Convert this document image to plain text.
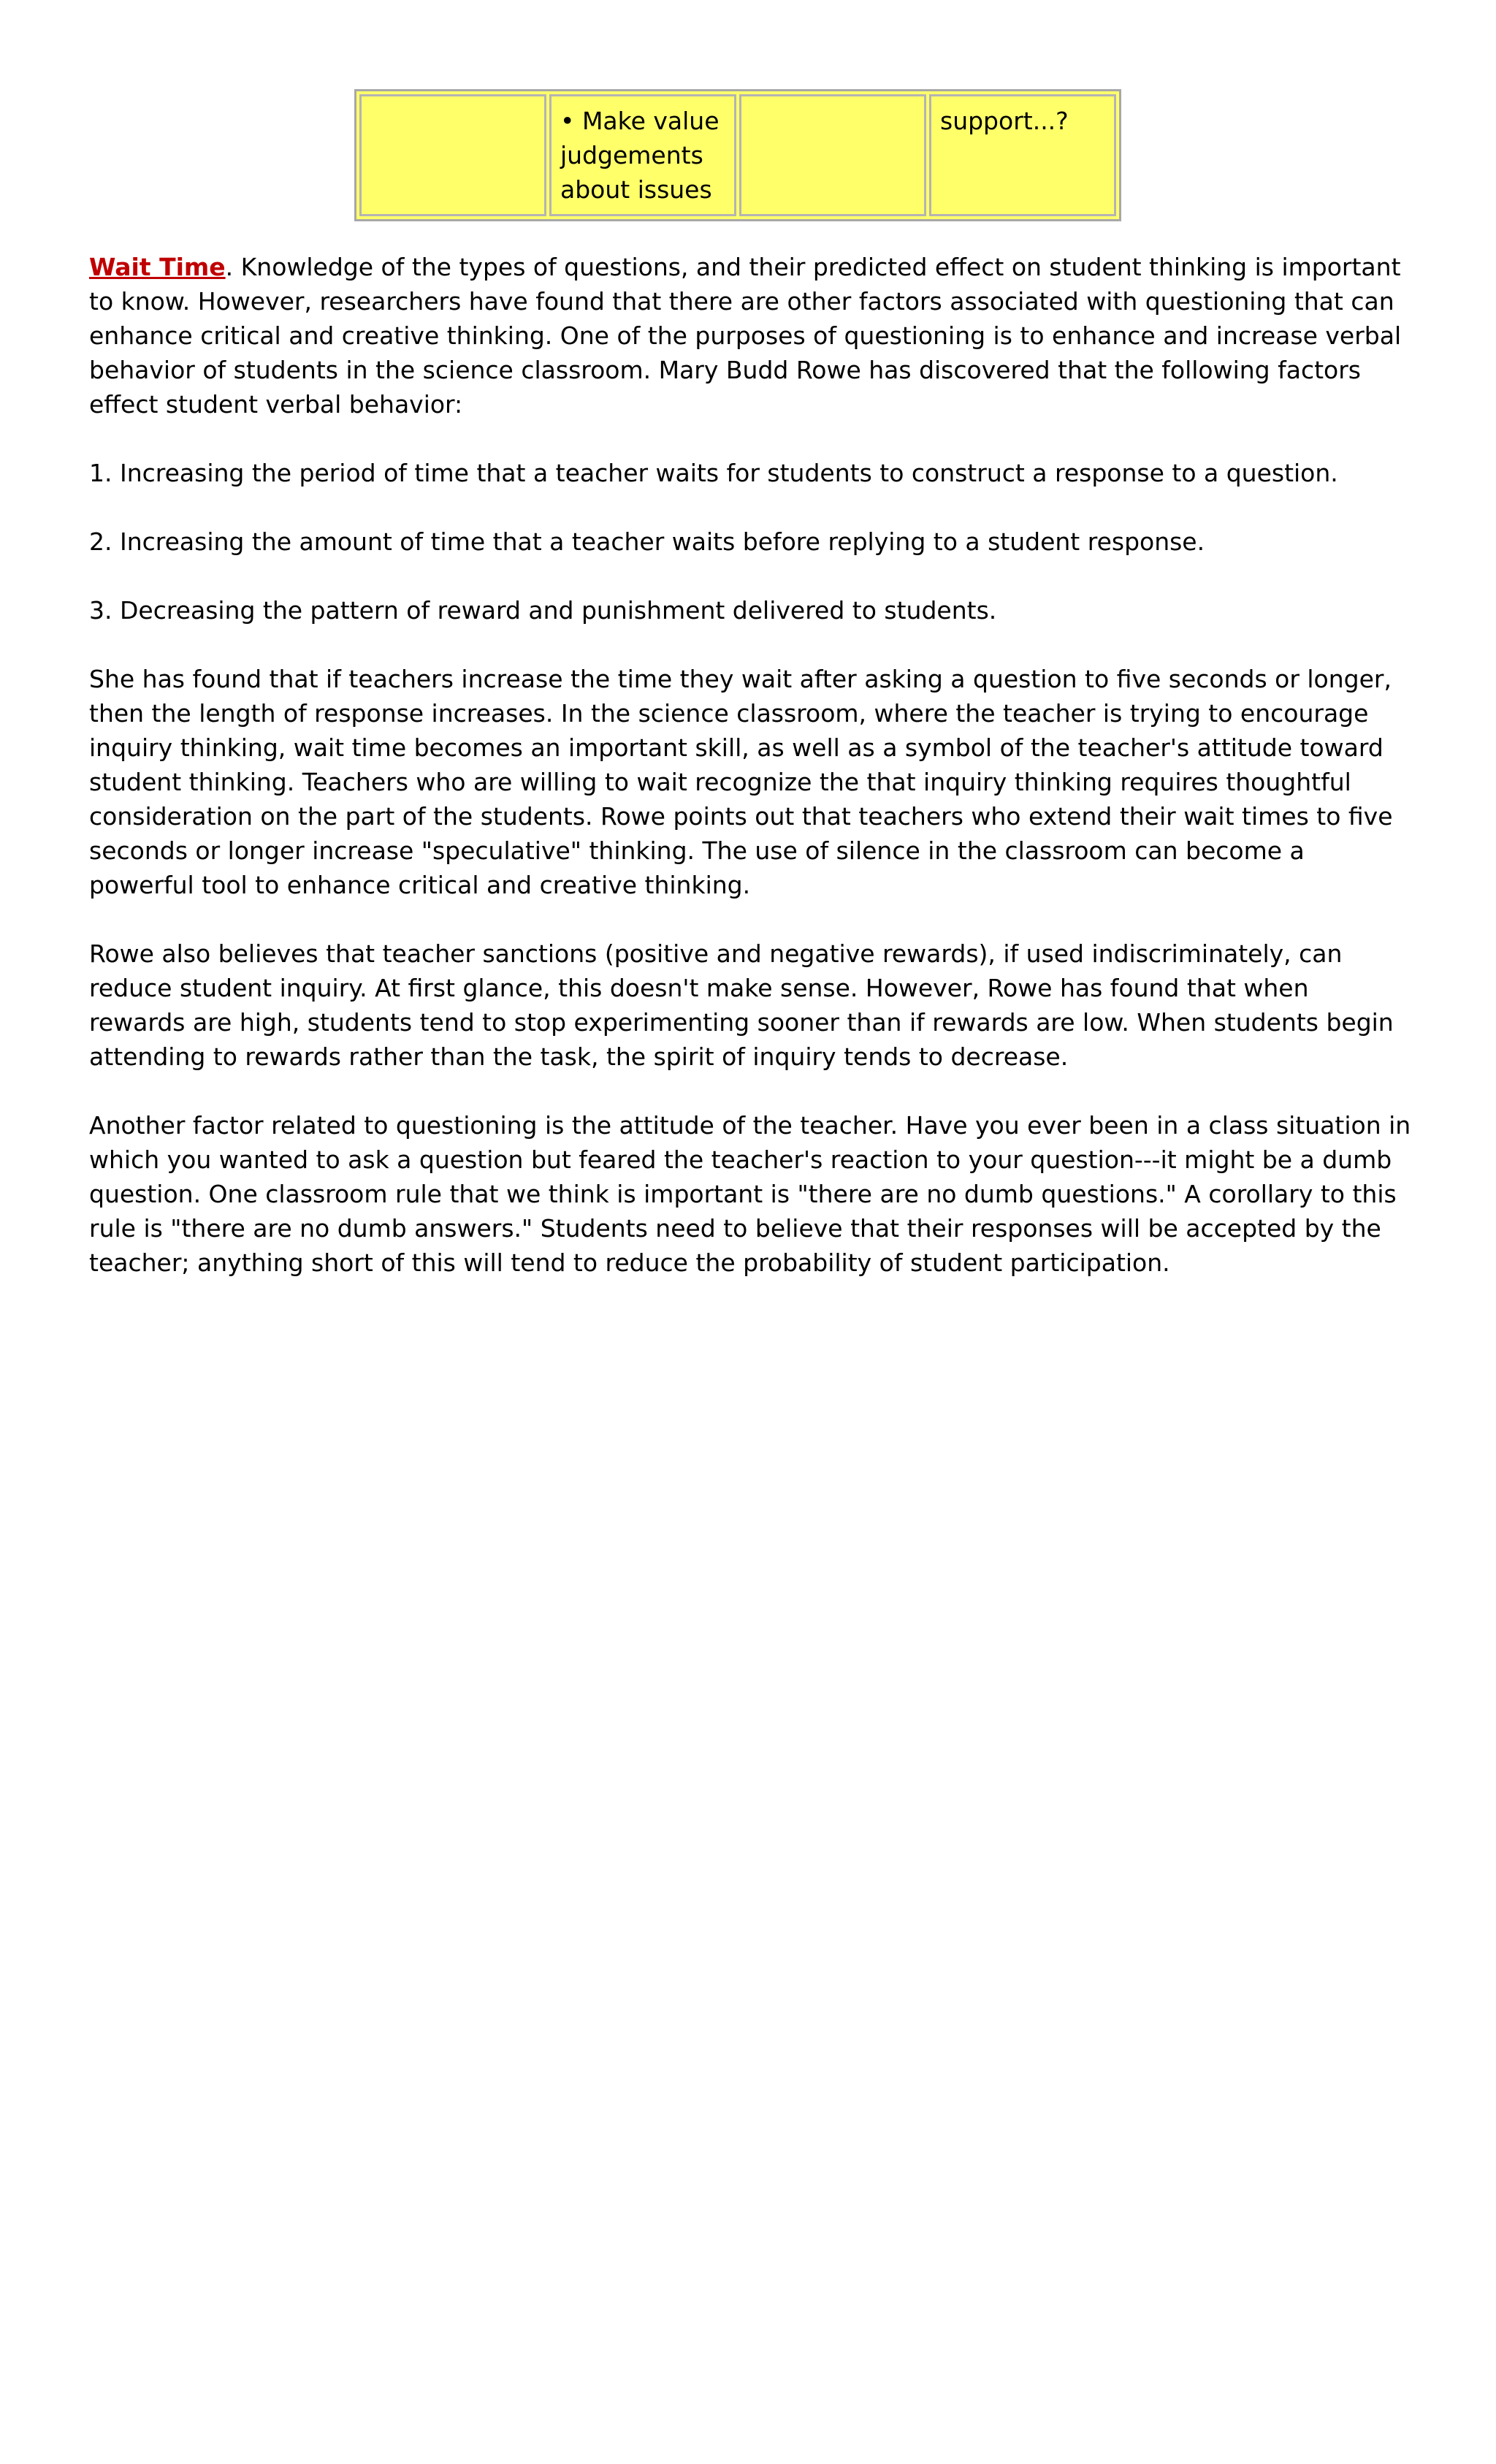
	• Make value judgements about issues		support...?

Wait Time. Knowledge of the types of questions, and their predicted effect on student thinking is important to know. However, researchers have found that there are other factors associated with questioning that can enhance critical and creative thinking. One of the purposes of questioning is to enhance and increase verbal behavior of students in the science classroom. Mary Budd Rowe has discovered that the following factors effect student verbal behavior:

1. Increasing the period of time that a teacher waits for students to construct a response to a question.

2. Increasing the amount of time that a teacher waits before replying to a student response.

3. Decreasing the pattern of reward and punishment delivered to students.

She has found that if teachers increase the time they wait after asking a question to five seconds or longer, then the length of response increases. In the science classroom, where the teacher is trying to encourage inquiry thinking, wait time becomes an important skill, as well as a symbol of the teacher's attitude toward student thinking. Teachers who are willing to wait recognize the that inquiry thinking requires thoughtful consideration on the part of the students. Rowe points out that teachers who extend their wait times to five seconds or longer increase "speculative" thinking. The use of silence in the classroom can become a powerful tool to enhance critical and creative thinking.

Rowe also believes that teacher sanctions (positive and negative rewards), if used indiscriminately, can reduce student inquiry. At first glance, this doesn't make sense. However, Rowe has found that when rewards are high, students tend to stop experimenting sooner than if rewards are low. When students begin attending to rewards rather than the task, the spirit of inquiry tends to decrease.

Another factor related to questioning is the attitude of the teacher. Have you ever been in a class situation in which you wanted to ask a question but feared the teacher's reaction to your question---it might be a dumb question. One classroom rule that we think is important is "there are no dumb questions." A corollary to this rule is "there are no dumb answers." Students need to believe that their responses will be accepted by the teacher; anything short of this will tend to reduce the probability of student participation.
